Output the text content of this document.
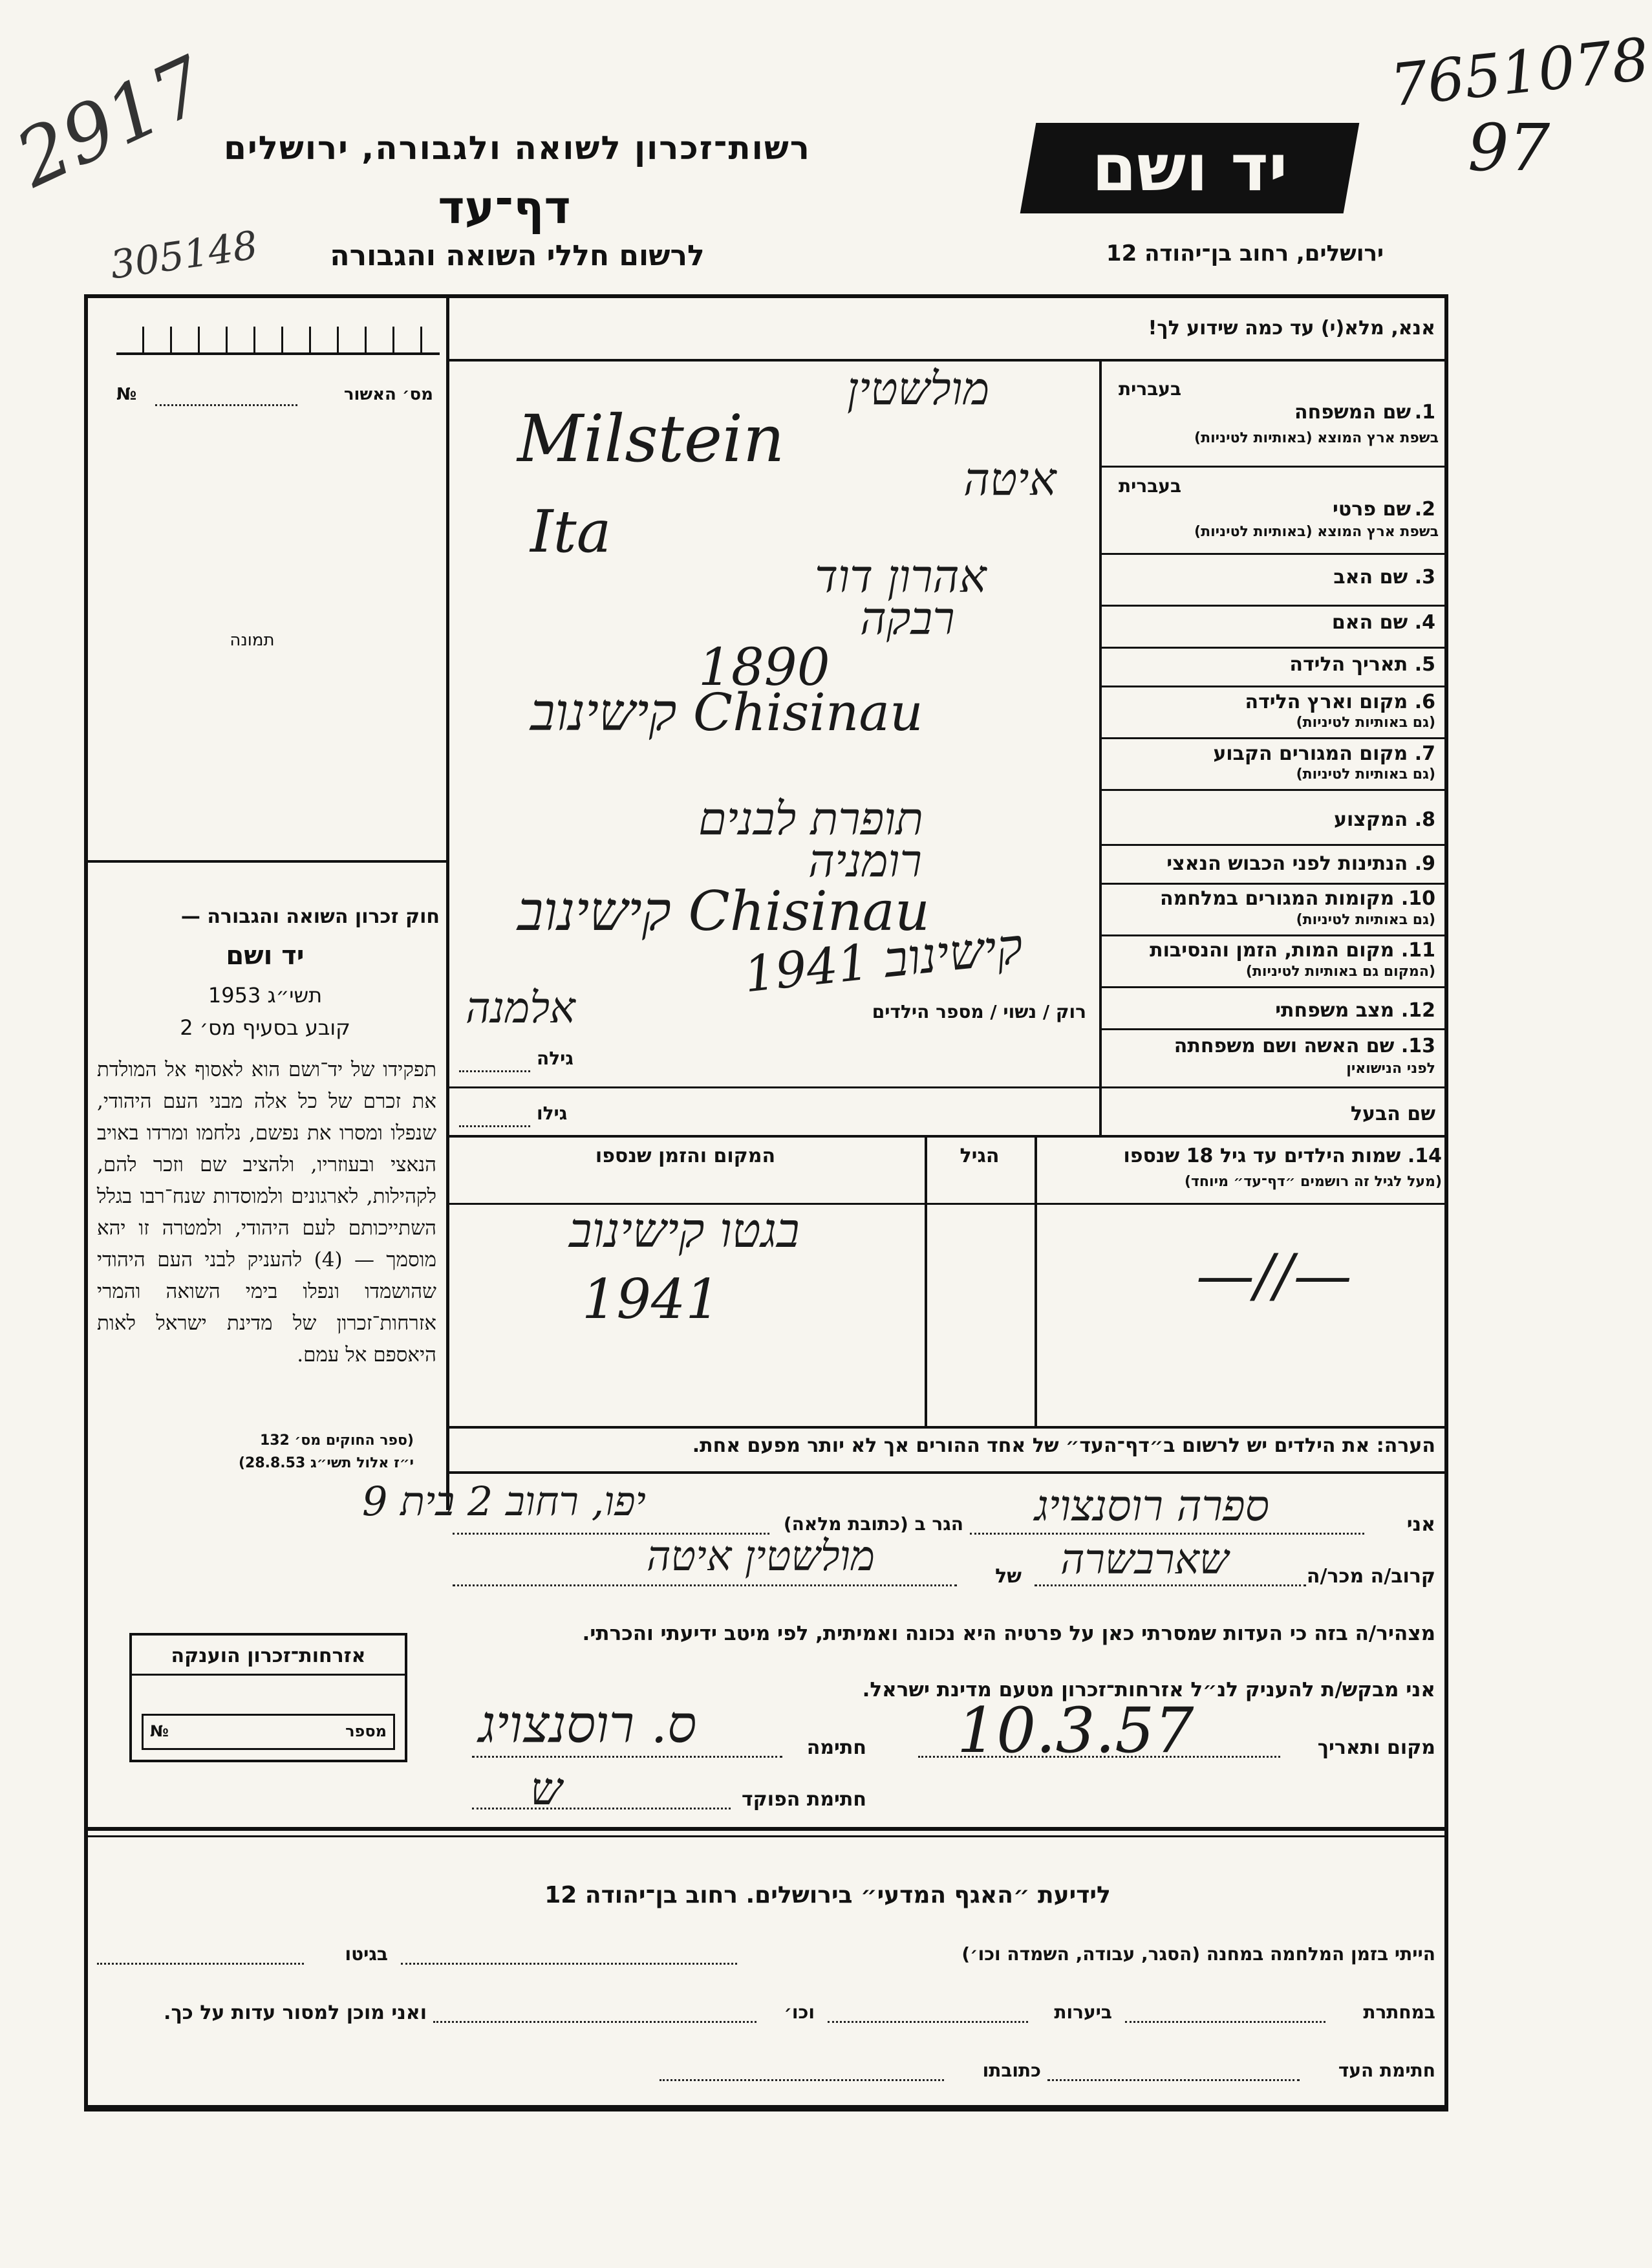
7651078
97
2917
305148
יד ושם
רשות־זכרון לשואה ולגבורה, ירושלים
דף־עד
לרשום חללי השואה והגבורה	ירושלים, רחוב בן־יהודה 12
מס׳ האשור
№
תמונה
חוק זכרון השואה והגבורה —
יד ושם
תשי״ג 1953
קובע בסעיף מס׳ 2
תפקידו של יד־ושם הוא לאסוף אל המולדת את זכרם של כל אלה מבני העם היהודי, שנפלו ומסרו את נפשם, נלחמו ומרדו באויב הנאצי ובעוזריו, ולהציב שם וזכר להם, לקהילות, לארגונים ולמוסדות שנח־רבו בגלל השתייכותם לעם היהודי, ולמטרה זו יהא מוסמך — (4) להעניק לבני העם היהודי שהושמדו ונפלו בימי השואה והמרי אזרחות־זכרון של מדינת ישראל לאות היאספם אל עמם.
(ספר החוקים מס׳ 132
י״ז אלול תשי״ג 28.8.53)
אנא, מלא(י) עד כמה שידוע לך!
בעברית
1. שם המשפחה
בשפת ארץ המוצא (באותיות לטיניות)
מולשטין
Milstein
בעברית
2. שם פרטי
בשפת ארץ המוצא (באותיות לטיניות)
איטה
Ita
3. שם האב
אהרון דוד
4. שם האם
רבקה
5. תאריך הלידה
1890
6. מקום וארץ הלידה
(גם באותיות לטיניות)
קישינוב Chisinau
7. מקום המגורים הקבוע
(גם באותיות לטיניות)
8. המקצוע
תופרת לבנים
9. הנתינות לפני הכבוש הנאצי
רומניה
10. מקומות המגורים במלחמה
(גם באותיות לטיניות)
קישינוב Chisinau
11. מקום המות, הזמן והנסיבות
(המקום גם באותיות לטיניות)
קישינוב 1941
12. מצב משפחתי
רוק / נשוי / מספר הילדים
אלמנה
13. שם האשה ושם משפחתה
לפני הנישואין
גילה
שם הבעל
גילו
14. שמות הילדים עד גיל 18 שנספו
(מעל לגיל זה רושמים ״דף־עד״ מיוחד)
הגיל
המקום והזמן שנספו
בגטו קישינוב
1941	—//—
הערה: את הילדים יש לרשום ב״דף־העד״ של אחד ההורים אך לא יותר מפעם אחת.
אני
ספרה רוסנצויג
הגר ב (כתובת מלאה)
יפו, רחוב 2 בית 9
קרוב/ה מכר/ה
שארבשרה
של
מולשטין איטה
מצהיר/ה בזה כי העדות שמסרתי כאן על פרטיה היא נכונה ואמיתית, לפי מיטב ידיעתי והכרתי.
אני מבקש/ת להעניק לנ״ל אזרחות־זכרון מטעם מדינת ישראל.
מקום ותאריך
10.3.57
חתימה
ס. רוסנצויג
חתימת הפוקד
ש
אזרחות־זכרון הוענקה
מספר
№
לידיעת ״האגף המדעי״ בירושלים. רחוב בן־יהודה 12
הייתי בזמן המלחמה במחנה (הסגר, עבודה, השמדה וכו׳)
בגיטו
במחתרת
ביערות
וכו׳
ואני מוכן למסור עדות על כך.
חתימת העד
כתובתו
